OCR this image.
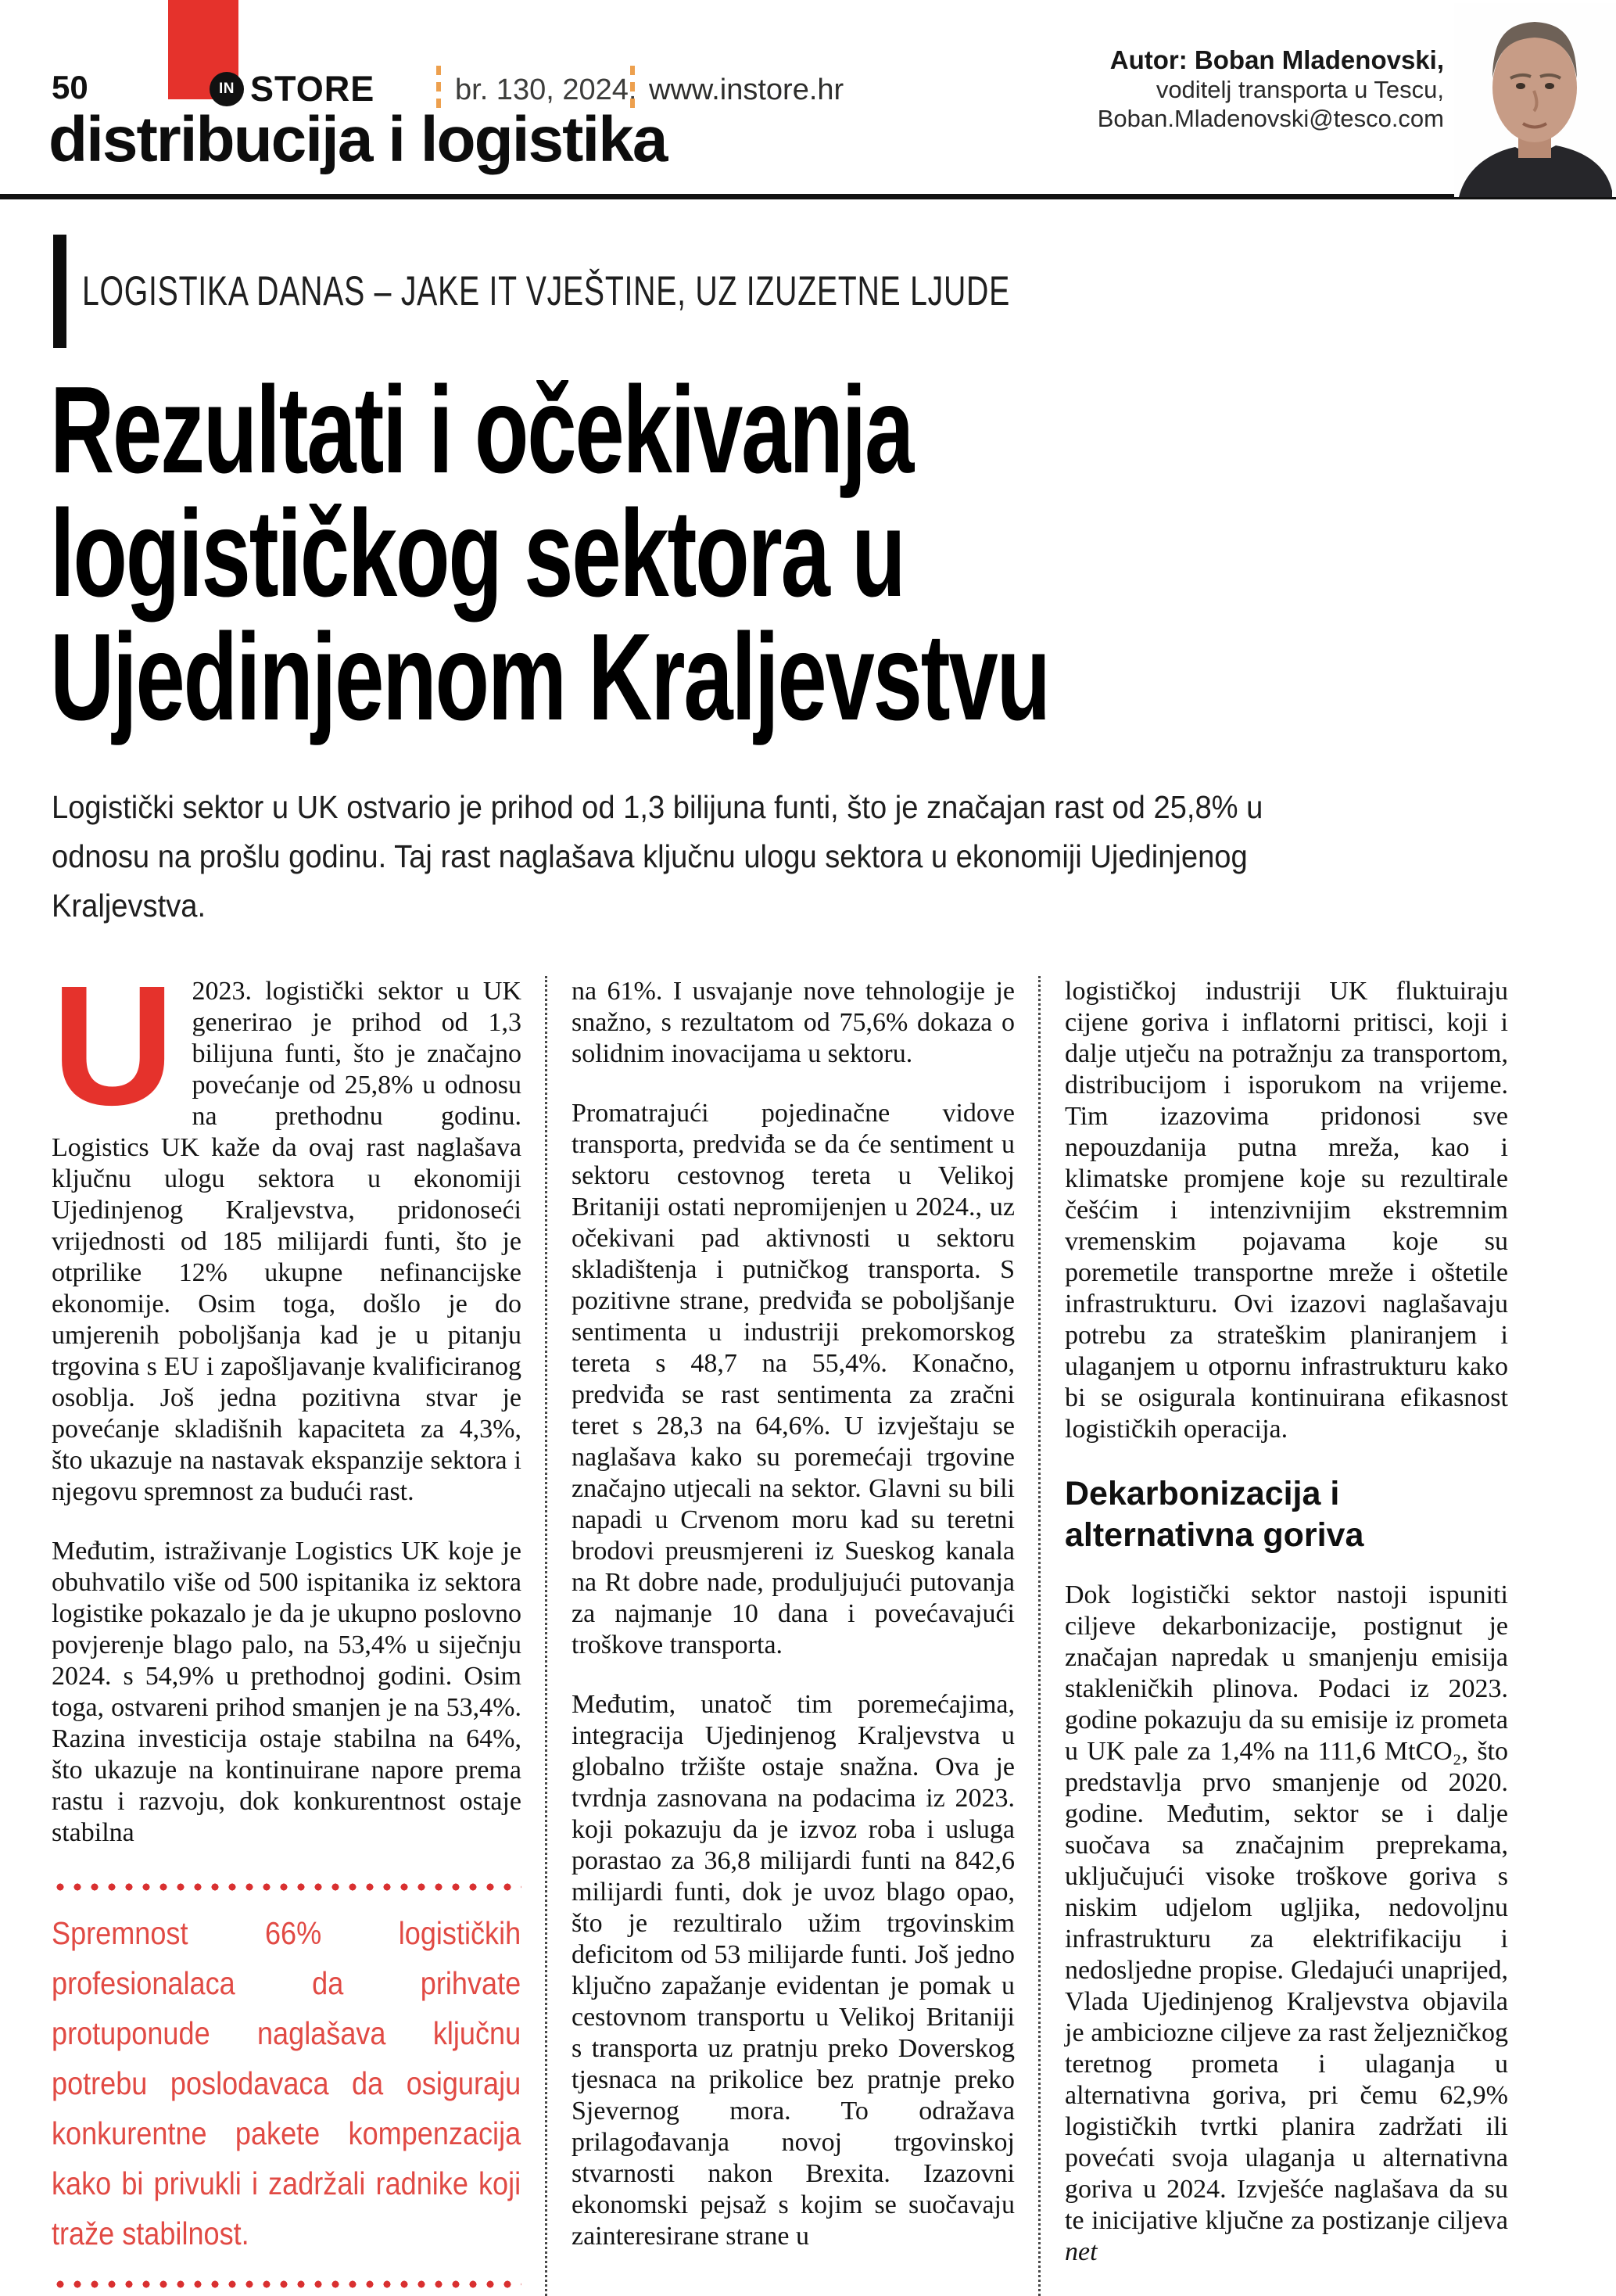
50	IN STORE	br. 130, 2024. www.instore.hr
distribucija i logistika
Autor: Boban Mladenovski,
voditelj transporta u Tescu,
Boban.Mladenovski@tesco.com
LOGISTIKA DANAS – JAKE IT VJEŠTINE, UZ IZUZETNE LJUDE
Rezultati i očekivanja
logističkog sektora u
Ujedinjenom Kraljevstvu

Logistički sektor u UK ostvario je prihod od 1,3 bilijuna funti, što je značajan rast od 25,8% u odnosu na prošlu godinu. Taj rast naglašava ključnu ulogu sektora u ekonomiji Ujedinjenog Kraljevstva.

U 2023. logistički sektor u UK generirao je prihod od 1,3 bilijuna funti, što je značajno povećanje od 25,8% u odnosu na prethodnu godinu. Logistics UK kaže da ovaj rast naglašava ključnu ulogu sektora u ekonomiji Ujedinjenog Kraljevstva, pridonoseći vrijednosti od 185 milijardi funti, što je otprilike 12% ukupne nefinancijske ekonomije. Osim toga, došlo je do umjerenih poboljšanja kad je u pitanju trgovina s EU i zapošljavanje kvalificiranog osoblja. Još jedna pozitivna stvar je povećanje skladišnih kapaciteta za 4,3%, što ukazuje na nastavak ekspanzije sektora i njegovu spremnost za budući rast.

Međutim, istraživanje Logistics UK koje je obuhvatilo više od 500 ispitanika iz sektora logistike pokazalo je da je ukupno poslovno povjerenje blago palo, na 53,4% u siječnju 2024. s 54,9% u prethodnoj godini. Osim toga, ostvareni prihod smanjen je na 53,4%. Razina investicija ostaje stabilna na 64%, što ukazuje na kontinuirane napore prema rastu i razvoju, dok konkurentnost ostaje stabilna

Spremnost 66% logističkih profesionalaca da prihvate protuponude naglašava ključnu potrebu poslodavaca da osiguraju konkurentne pakete kompenzacija kako bi privukli i zadržali radnike koji traže stabilnost.

na 61%. I usvajanje nove tehnologije je snažno, s rezultatom od 75,6% dokaza o solidnim inovacijama u sektoru.

Promatrajući pojedinačne vidove transporta, predviđa se da će sentiment u sektoru cestovnog tereta u Velikoj Britaniji ostati nepromijenjen u 2024., uz očekivani pad aktivnosti u sektoru skladištenja i putničkog transporta. S pozitivne strane, predviđa se poboljšanje sentimenta u industriji prekomorskog tereta s 48,7 na 55,4%. Konačno, predviđa se rast sentimenta za zračni teret s 28,3 na 64,6%. U izvještaju se naglašava kako su poremećaji trgovine značajno utjecali na sektor. Glavni su bili napadi u Crvenom moru kad su teretni brodovi preusmjereni iz Sueskog kanala na Rt dobre nade, produljujući putovanja za najmanje 10 dana i povećavajući troškove transporta.

Međutim, unatoč tim poremećajima, integracija Ujedinjenog Kraljevstva u globalno tržište ostaje snažna. Ova je tvrdnja zasnovana na podacima iz 2023. koji pokazuju da je izvoz roba i usluga porastao za 36,8 milijardi funti na 842,6 milijardi funti, dok je uvoz blago opao, što je rezultiralo užim trgovinskim deficitom od 53 milijarde funti. Još jedno ključno zapažanje evidentan je pomak u cestovnom transportu u Velikoj Britaniji s transporta uz pratnju preko Doverskog tjesnaca na prikolice bez pratnje preko Sjevernog mora. To odražava prilagođavanja novoj trgovinskoj stvarnosti nakon Brexita. Izazovni ekonomski pejsaž s kojim se suočavaju zainteresirane strane u

logističkoj industriji UK fluktuiraju cijene goriva i inflatorni pritisci, koji i dalje utječu na potražnju za transportom, distribucijom i isporukom na vrijeme. Tim izazovima pridonosi sve nepouzdanija putna mreža, kao i klimatske promjene koje su rezultirale češćim i intenzivnijim ekstremnim vremenskim pojavama koje su poremetile transportne mreže i oštetile infrastrukturu. Ovi izazovi naglašavaju potrebu za strateškim planiranjem i ulaganjem u otpornu infrastrukturu kako bi se osigurala kontinuirana efikasnost logističkih operacija.

Dekarbonizacija i alternativna goriva

Dok logistički sektor nastoji ispuniti ciljeve dekarbonizacije, postignut je značajan napredak u smanjenju emisija stakleničkih plinova. Podaci iz 2023. godine pokazuju da su emisije iz prometa u UK pale za 1,4% na 111,6 MtCO₂, što predstavlja prvo smanjenje od 2020. godine. Međutim, sektor se i dalje suočava sa značajnim preprekama, uključujući visoke troškove goriva s niskim udjelom ugljika, nedovoljnu infrastrukturu za elektrifikaciju i nedosljedne propise. Gledajući unaprijed, Vlada Ujedinjenog Kraljevstva objavila je ambiciozne ciljeve za rast željezničkog teretnog prometa i ulaganja u alternativna goriva, pri čemu 62,9% logističkih tvrtki planira zadržati ili povećati svoja ulaganja u alternativna goriva u 2024. Izvješće naglašava da su te inicijative ključne za postizanje ciljeva net
